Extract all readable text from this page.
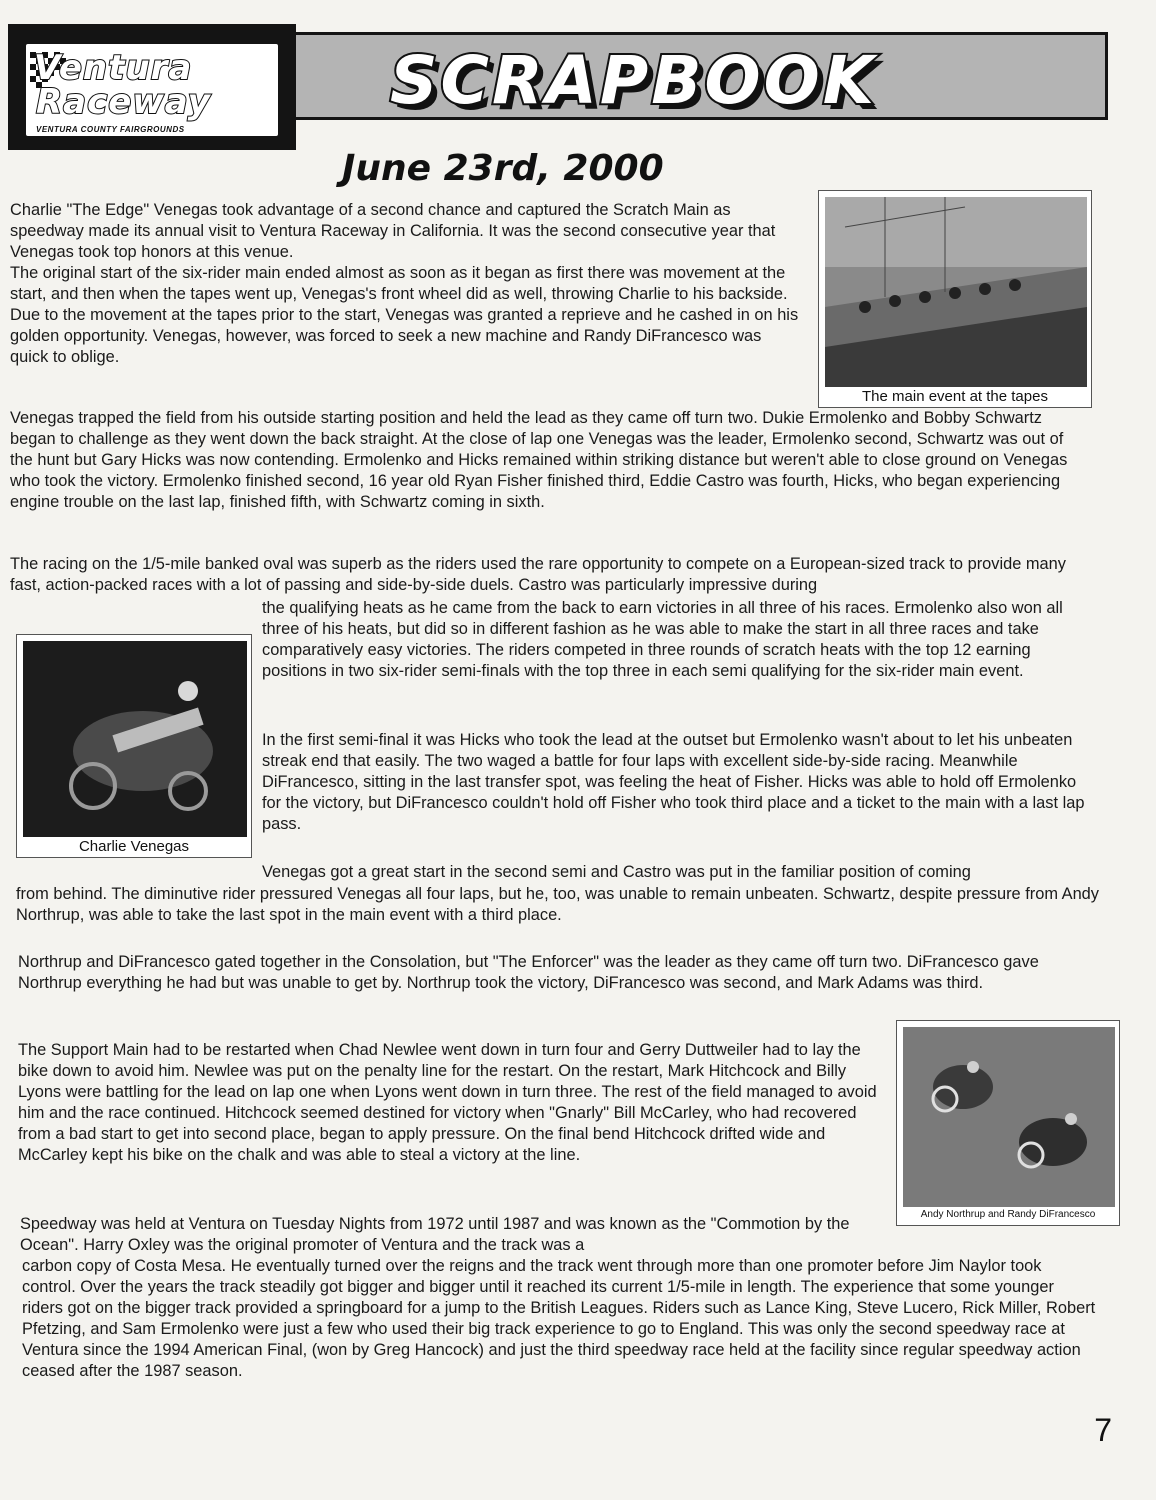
Ventura
Raceway
VENTURA COUNTY FAIRGROUNDS
SCRAPBOOK
June 23rd, 2000

Charlie "The Edge" Venegas took advantage of a second chance and captured the Scratch Main as speedway made its annual visit to Ventura Raceway in California. It was the second consecutive year that Venegas took top honors at this venue.

The original start of the six-rider main ended almost as soon as it began as first there was movement at the start, and then when the tapes went up, Venegas's front wheel did as well, throwing Charlie to his backside. Due to the movement at the tapes prior to the start, Venegas was granted a reprieve and he cashed in on his golden opportunity. Venegas, however, was forced to seek a new machine and Randy DiFrancesco was quick to oblige.

Venegas trapped the field from his outside starting position and held the lead as they came off turn two. Dukie Ermolenko and Bobby Schwartz began to challenge as they went down the back straight. At the close of lap one Venegas was the leader, Ermolenko second, Schwartz was out of the hunt but Gary Hicks was now contending. Ermolenko and Hicks remained within striking distance but weren't able to close ground on Venegas who took the victory. Ermolenko finished second, 16 year old Ryan Fisher finished third, Eddie Castro was fourth, Hicks, who began experiencing engine trouble on the last lap, finished fifth, with Schwartz coming in sixth.

The racing on the 1/5-mile banked oval was superb as the riders used the rare opportunity to compete on a European-sized track to provide many fast, action-packed races with a lot of passing and side-by-side duels. Castro was particularly impressive during

the qualifying heats as he came from the back to earn victories in all three of his races. Ermolenko also won all three of his heats, but did so in different fashion as he was able to make the start in all three races and take comparatively easy victories. The riders competed in three rounds of scratch heats with the top 12 earning positions in two six-rider semi-finals with the top three in each semi qualifying for the six-rider main event.

In the first semi-final it was Hicks who took the lead at the outset but Ermolenko wasn't about to let his unbeaten streak end that easily. The two waged a battle for four laps with excellent side-by-side racing. Meanwhile DiFrancesco, sitting in the last transfer spot, was feeling the heat of Fisher. Hicks was able to hold off Ermolenko for the victory, but DiFrancesco couldn't hold off Fisher who took third place and a ticket to the main with a last lap pass.

Venegas got a great start in the second semi and Castro was put in the familiar position of coming

from behind. The diminutive rider pressured Venegas all four laps, but he, too, was unable to remain unbeaten. Schwartz, despite pressure from Andy Northrup, was able to take the last spot in the main event with a third place.

Northrup and DiFrancesco gated together in the Consolation, but "The Enforcer" was the leader as they came off turn two. DiFrancesco gave Northrup everything he had but was unable to get by. Northrup took the victory, DiFrancesco was second, and Mark Adams was third.

The Support Main had to be restarted when Chad Newlee went down in turn four and Gerry Duttweiler had to lay the bike down to avoid him. Newlee was put on the penalty line for the restart. On the restart, Mark Hitchcock and Billy Lyons were battling for the lead on lap one when Lyons went down in turn three. The rest of the field managed to avoid him and the race continued. Hitchcock seemed destined for victory when "Gnarly" Bill McCarley, who had recovered from a bad start to get into second place, began to apply pressure. On the final bend Hitchcock drifted wide and McCarley kept his bike on the chalk and was able to steal a victory at the line.

Speedway was held at Ventura on Tuesday Nights from 1972 until 1987 and was known as the "Commotion by the Ocean". Harry Oxley was the original promoter of Ventura and the track was a

carbon copy of Costa Mesa. He eventually turned over the reigns and the track went through more than one promoter before Jim Naylor took control. Over the years the track steadily got bigger and bigger until it reached its current 1/5-mile in length. The experience that some younger riders got on the bigger track provided a springboard for a jump to the British Leagues. Riders such as Lance King, Steve Lucero, Rick Miller, Robert Pfetzing, and Sam Ermolenko were just a few who used their big track experience to go to England. This was only the second speedway race at Ventura since the 1994 American Final, (won by Greg Hancock) and just the third speedway race held at the facility since regular speedway action ceased after the 1987 season.

The main event at the tapes
Charlie Venegas
Andy Northrup and Randy DiFrancesco
7
